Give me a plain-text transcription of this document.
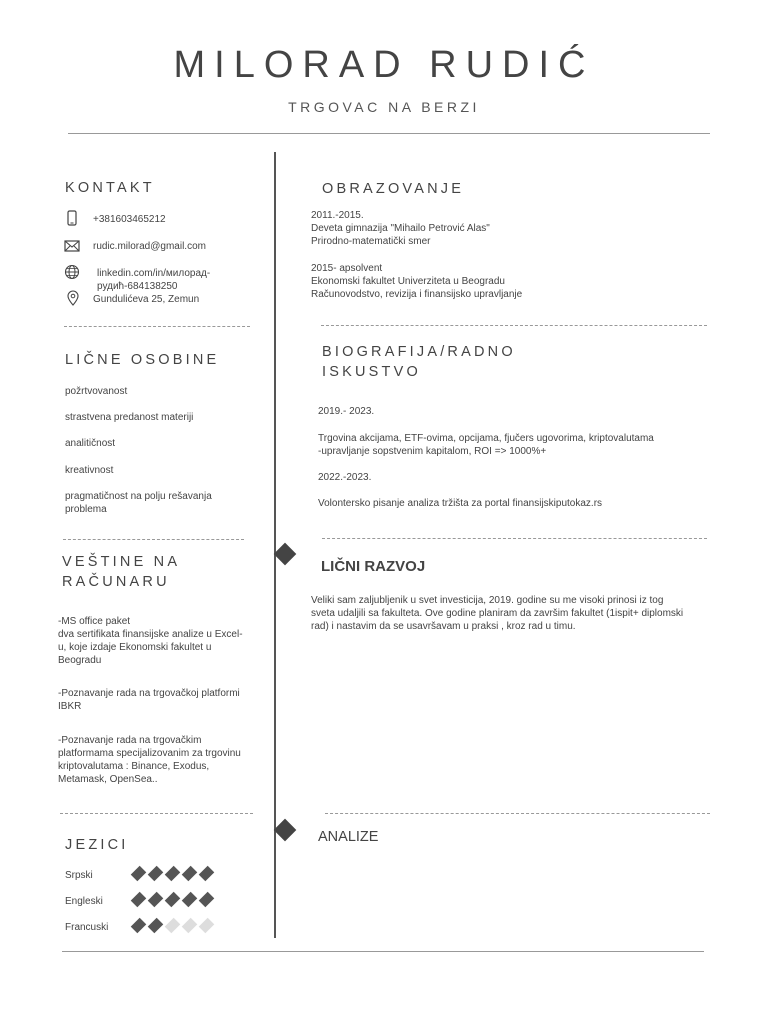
MILORAD RUDIĆ
TRGOVAC NA BERZI
KONTAKT
+381603465212
rudic.milorad@gmail.com
linkedin.com/in/милорад-
рудић-684138250
Gundulićeva 25, Zemun
LIČNE OSOBINE
požrtvovanost
strastvena predanost materiji
analitičnost
kreativnost
pragmatičnost na polju rešavanja
problema
VEŠTINE NA
RAČUNARU
-MS office paket
dva sertifikata finansijske analize u Excel-
u, koje izdaje Ekonomski fakultet u
Beogradu
-Poznavanje rada na trgovačkoj platformi
IBKR
-Poznavanje rada na trgovačkim
platformama specijalizovanim za trgovinu
kriptovalutama : Binance, Exodus,
Metamask, OpenSea..
JEZICI
Srpski
Engleski
Francuski
OBRAZOVANJE
2011.-2015.
Deveta gimnazija "Mihailo Petrović Alas"
Prirodno-matematički smer
2015- apsolvent
Ekonomski fakultet Univerziteta u Beogradu
Računovodstvo, revizija i finansijsko upravljanje
BIOGRAFIJA/RADNO
ISKUSTVO
2019.- 2023.
Trgovina akcijama, ETF-ovima, opcijama, fjučers ugovorima, kriptovalutama
-upravljanje sopstvenim kapitalom, ROI => 1000%+
2022.-2023.
Volontersko pisanje analiza tržišta za portal finansijskiputokaz.rs
LIČNI RAZVOJ
Veliki sam zaljubljenik u svet investicija, 2019. godine su me visoki prinosi iz tog
sveta udaljili sa fakulteta. Ove godine planiram da završim fakultet (1ispit+ diplomski
rad) i nastavim da se usavršavam u praksi , kroz rad u timu.
ANALIZE
